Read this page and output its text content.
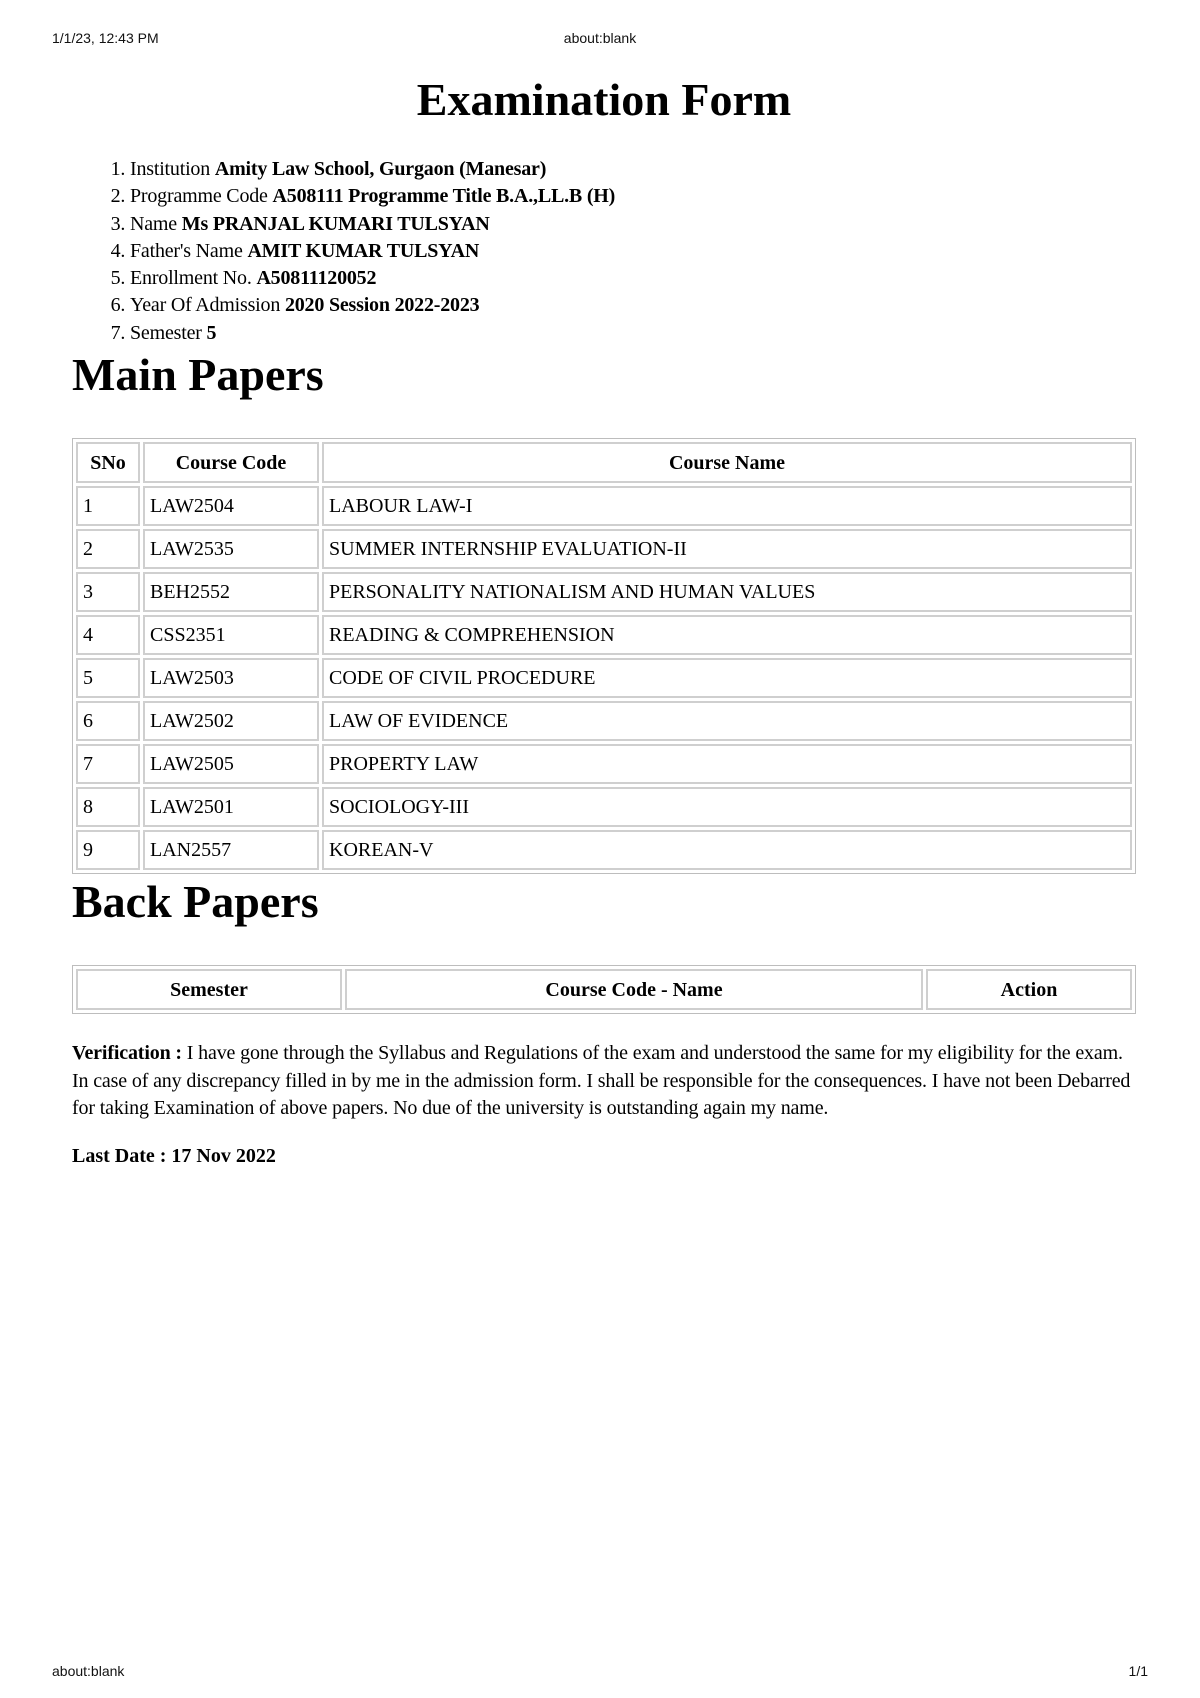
1/1/23, 12:43 PM	about:blank
Examination Form
1. Institution Amity Law School, Gurgaon (Manesar)
2. Programme Code A508111 Programme Title B.A.,LL.B (H)
3. Name Ms PRANJAL KUMARI TULSYAN
4. Father's Name AMIT KUMAR TULSYAN
5. Enrollment No. A50811120052
6. Year Of Admission 2020 Session 2022-2023
7. Semester 5
Main Papers
SNo	Course Code	Course Name
1	LAW2504	LABOUR LAW-I
2	LAW2535	SUMMER INTERNSHIP EVALUATION-II
3	BEH2552	PERSONALITY NATIONALISM AND HUMAN VALUES
4	CSS2351	READING & COMPREHENSION
5	LAW2503	CODE OF CIVIL PROCEDURE
6	LAW2502	LAW OF EVIDENCE
7	LAW2505	PROPERTY LAW
8	LAW2501	SOCIOLOGY-III
9	LAN2557	KOREAN-V
Back Papers
Semester	Course Code - Name	Action

Verification : I have gone through the Syllabus and Regulations of the exam and understood the same for my eligibility for the exam. In case of any discrepancy filled in by me in the admission form. I shall be responsible for the consequences. I have not been Debarred for taking Examination of above papers. No due of the university is outstanding again my name.

Last Date : 17 Nov 2022
about:blank	1/1
